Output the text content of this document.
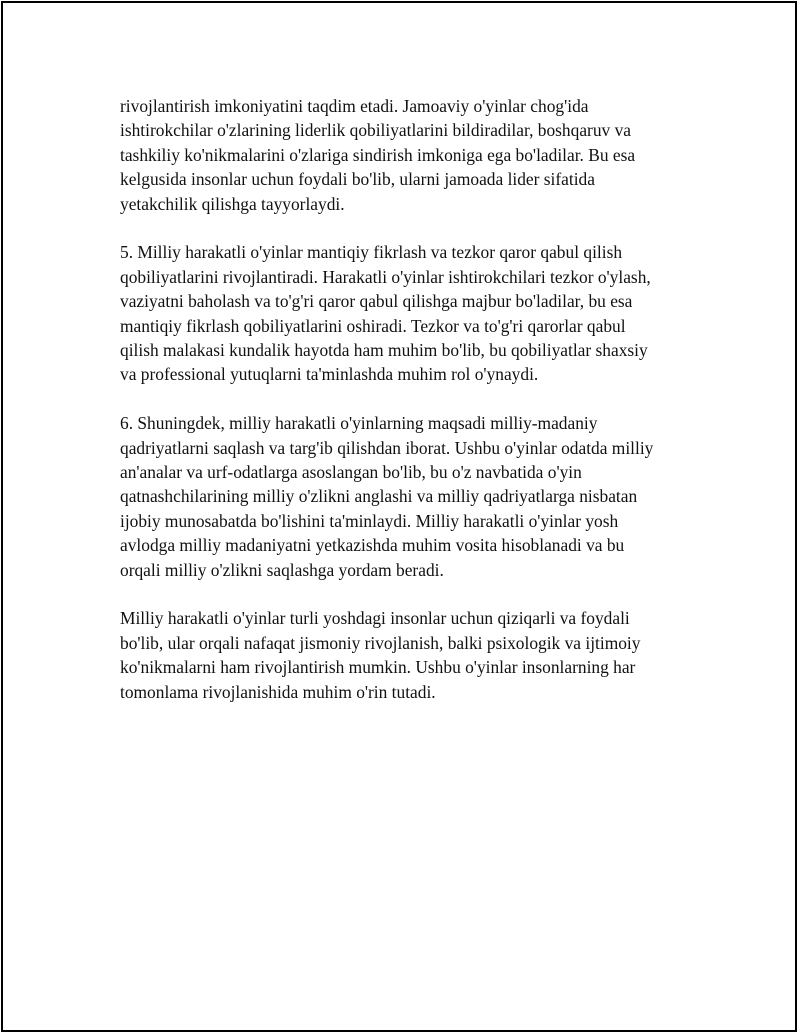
rivojlantirish imkoniyatini taqdim etadi. Jamoaviy o'yinlar chog'ida
ishtirokchilar o'zlarining liderlik qobiliyatlarini bildiradilar, boshqaruv va
tashkiliy ko'nikmalarini o'zlariga sindirish imkoniga ega bo'ladilar. Bu esa
kelgusida insonlar uchun foydali bo'lib, ularni jamoada lider sifatida
yetakchilik qilishga tayyorlaydi.

5. Milliy harakatli o'yinlar mantiqiy fikrlash va tezkor qaror qabul qilish
qobiliyatlarini rivojlantiradi. Harakatli o'yinlar ishtirokchilari tezkor o'ylash,
vaziyatni baholash va to'g'ri qaror qabul qilishga majbur bo'ladilar, bu esa
mantiqiy fikrlash qobiliyatlarini oshiradi. Tezkor va to'g'ri qarorlar qabul
qilish malakasi kundalik hayotda ham muhim bo'lib, bu qobiliyatlar shaxsiy
va professional yutuqlarni ta'minlashda muhim rol o'ynaydi.

6. Shuningdek, milliy harakatli o'yinlarning maqsadi milliy-madaniy
qadriyatlarni saqlash va targ'ib qilishdan iborat. Ushbu o'yinlar odatda milliy
an'analar va urf-odatlarga asoslangan bo'lib, bu o'z navbatida o'yin
qatnashchilarining milliy o'zlikni anglashi va milliy qadriyatlarga nisbatan
ijobiy munosabatda bo'lishini ta'minlaydi. Milliy harakatli o'yinlar yosh
avlodga milliy madaniyatni yetkazishda muhim vosita hisoblanadi va bu
orqali milliy o'zlikni saqlashga yordam beradi.

Milliy harakatli o'yinlar turli yoshdagi insonlar uchun qiziqarli va foydali
bo'lib, ular orqali nafaqat jismoniy rivojlanish, balki psixologik va ijtimoiy
ko'nikmalarni ham rivojlantirish mumkin. Ushbu o'yinlar insonlarning har
tomonlama rivojlanishida muhim o'rin tutadi.
